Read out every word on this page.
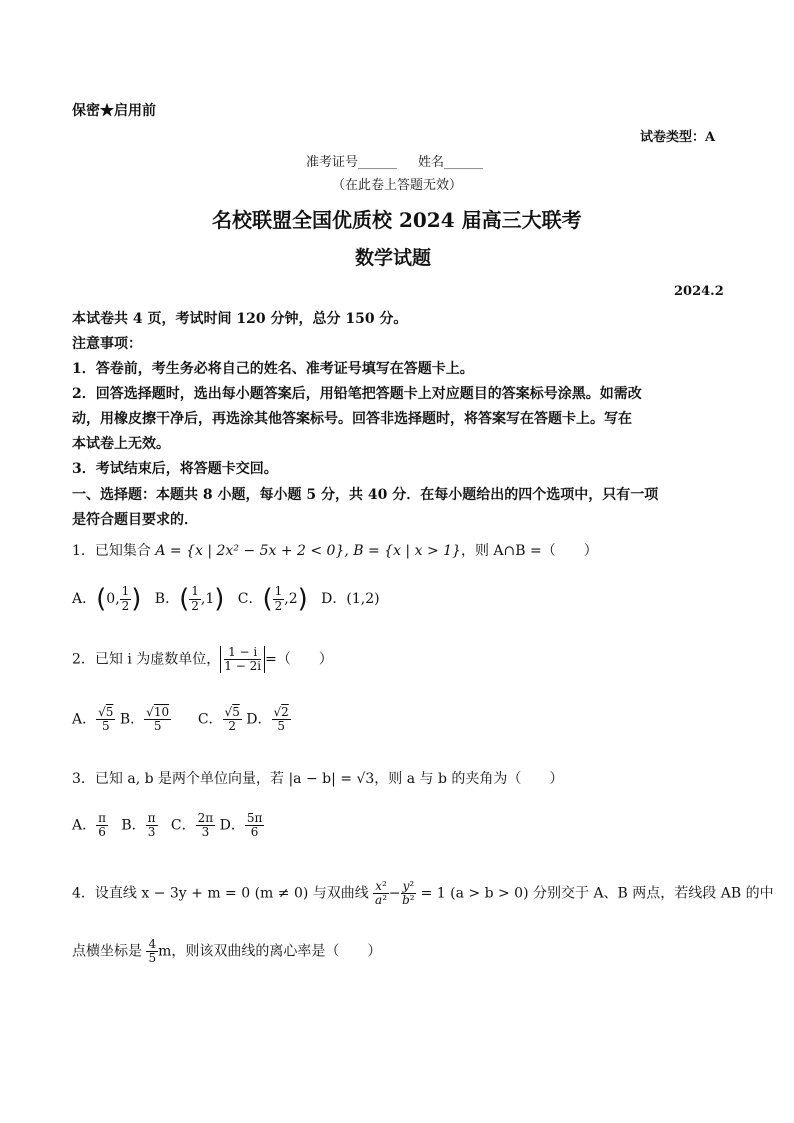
保密★启用前
试卷类型：A
准考证号______ 姓名______
（在此卷上答题无效）
名校联盟全国优质校 2024 届高三大联考
数学试题
2024.2
本试卷共 4 页，考试时间 120 分钟，总分 150 分。
注意事项：
1．答卷前，考生务必将自己的姓名、准考证号填写在答题卡上。
2．回答选择题时，选出每小题答案后，用铅笔把答题卡上对应题目的答案标号涂黑。如需改
动，用橡皮擦干净后，再选涂其他答案标号。回答非选择题时，将答案写在答题卡上。写在
本试卷上无效。
3．考试结束后，将答题卡交回。
一、选择题：本题共 8 小题，每小题 5 分，共 40 分．在每小题给出的四个选项中，只有一项
是符合题目要求的．
1．已知集合 A = {x | 2x² − 5x + 2 < 0}, B = {x | x > 1}，则 A∩B =（　　）
A．(0, $\frac{1}{2}$ ) B．( $\frac{1}{2} ,1$) C．( $\frac{1}{2} ,2$) D．(1,2)
2．已知 i 为虚数单位， $\frac{1 - i}{1 - 2i}$ =（　　）
A． $\frac{√5}{5}$ B． $\frac{√10}{5}$ C． $\frac{√5}{2}$ D． $\frac{√2}{5}$
3．已知 a, b 是两个单位向量，若 |a − b| = √3，则 a 与 b 的夹角为（　　）
A． $\frac{\pi}{6}$ B． $\frac{\pi}{3}$ C． $\frac{2\pi}{3}$ D． $\frac{5\pi}{6}$
4．设直线 x − 3y + m = 0 (m ≠ 0) 与双曲线 $\frac{\text{x²}}{\text{a²}} - \frac{\text{y²}}{\text{b²}} = 1$ (a > b > 0) 分别交于 A、B 两点，若线段 AB 的中
点横坐标是 $\frac{4}{5}$ m，则该双曲线的离心率是（　　）
